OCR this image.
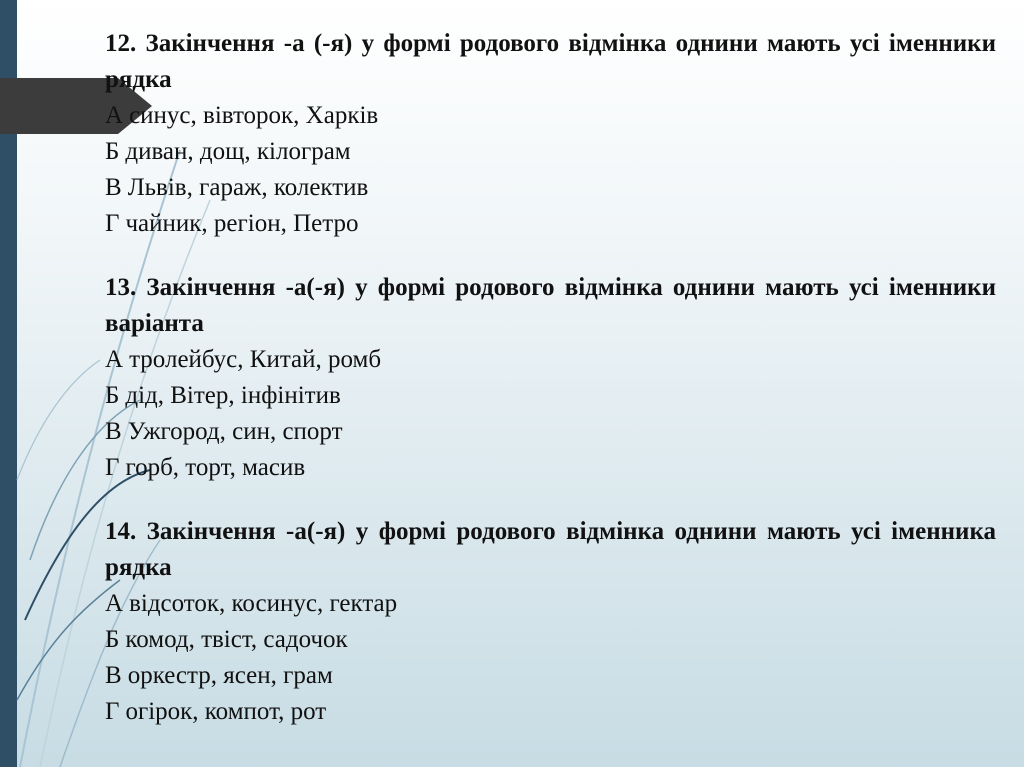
12. Закінчення -а (-я) у формі родового відмінка однини мають усі іменники рядка
А синус, вівторок, Харків
Б диван, дощ, кілограм
В Львів, гараж, колектив
Г чайник, регіон, Петро
13. Закінчення -а(-я) у формі родового відмінка однини мають усі іменники варіанта
А тролейбус, Китай, ромб
Б дід, Вітер, інфінітив
В Ужгород, син, спорт
Г горб, торт, масив
14. Закінчення -а(-я) у формі родового відмінка однини мають усі іменника рядка
А відсоток, косинус, гектар
Б комод, твіст, садочок
В оркестр, ясен, грам
Г огірок, компот, рот
